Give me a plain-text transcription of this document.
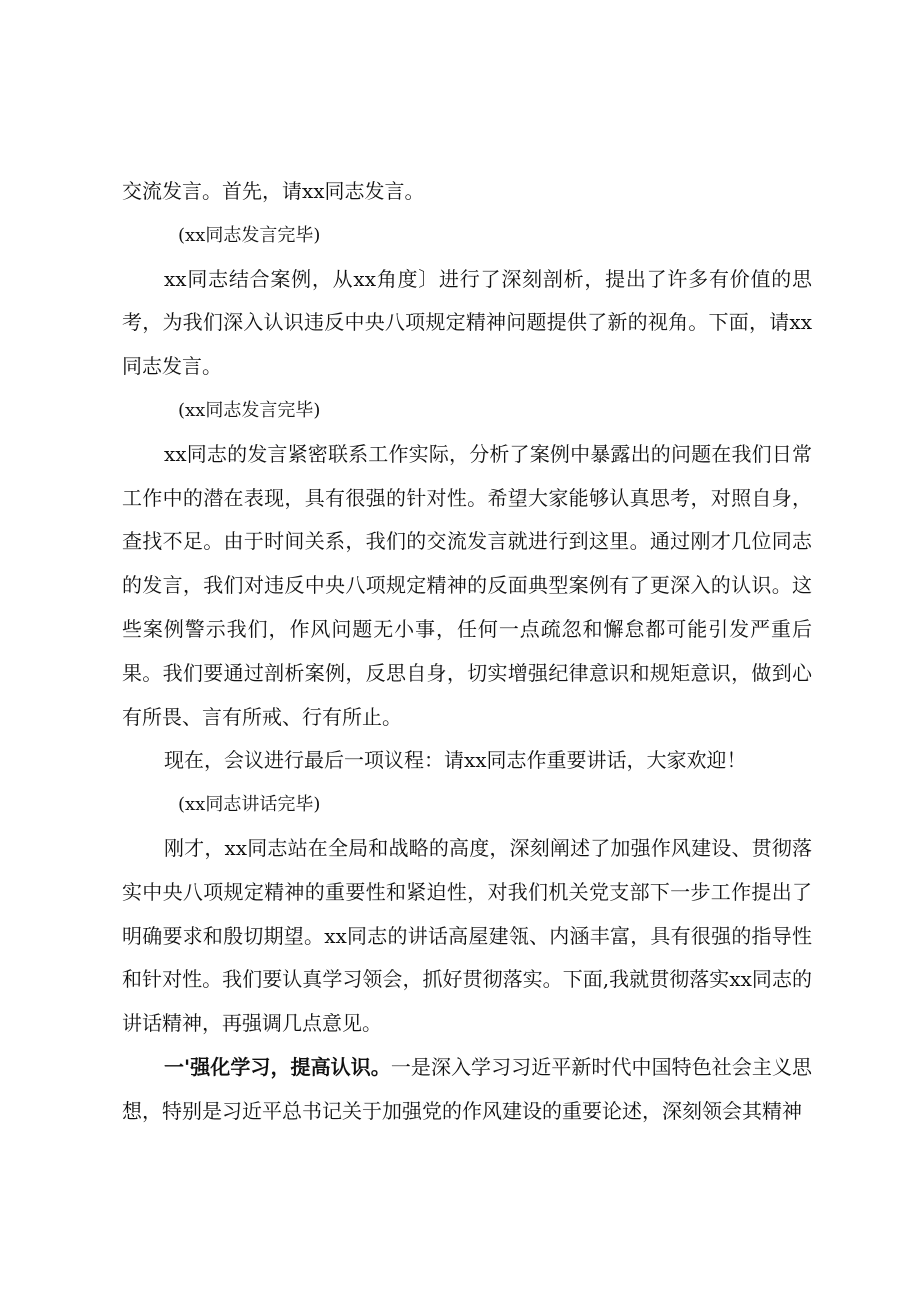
交流发言。首先，请xx同志发言。

(xx同志发言完毕)

xx同志结合案例，从xx角度〕进行了深刻剖析，提出了许多有价值的思考，为我们深入认识违反中央八项规定精神问题提供了新的视角。下面，请xx同志发言。

(xx同志发言完毕)

xx同志的发言紧密联系工作实际，分析了案例中暴露出的问题在我们日常工作中的潜在表现，具有很强的针对性。希望大家能够认真思考，对照自身，查找不足。由于时间关系，我们的交流发言就进行到这里。通过刚才几位同志的发言，我们对违反中央八项规定精神的反面典型案例有了更深入的认识。这些案例警示我们，作风问题无小事，任何一点疏忽和懈怠都可能引发严重后果。我们要通过剖析案例，反思自身，切实增强纪律意识和规矩意识，做到心有所畏、言有所戒、行有所止。

现在，会议进行最后一项议程：请xx同志作重要讲话，大家欢迎！

(xx同志讲话完毕)

刚才，xx同志站在全局和战略的高度，深刻阐述了加强作风建设、贯彻落实中央八项规定精神的重要性和紧迫性，对我们机关党支部下一步工作提出了明确要求和殷切期望。xx同志的讲话高屋建瓴、内涵丰富，具有很强的指导性和针对性。我们要认真学习领会，抓好贯彻落实。下面,我就贯彻落实xx同志的讲话精神，再强调几点意见。

一'强化学习，提高认识。一是深入学习习近平新时代中国特色社会主义思想，特别是习近平总书记关于加强党的作风建设的重要论述，深刻领会其精神
